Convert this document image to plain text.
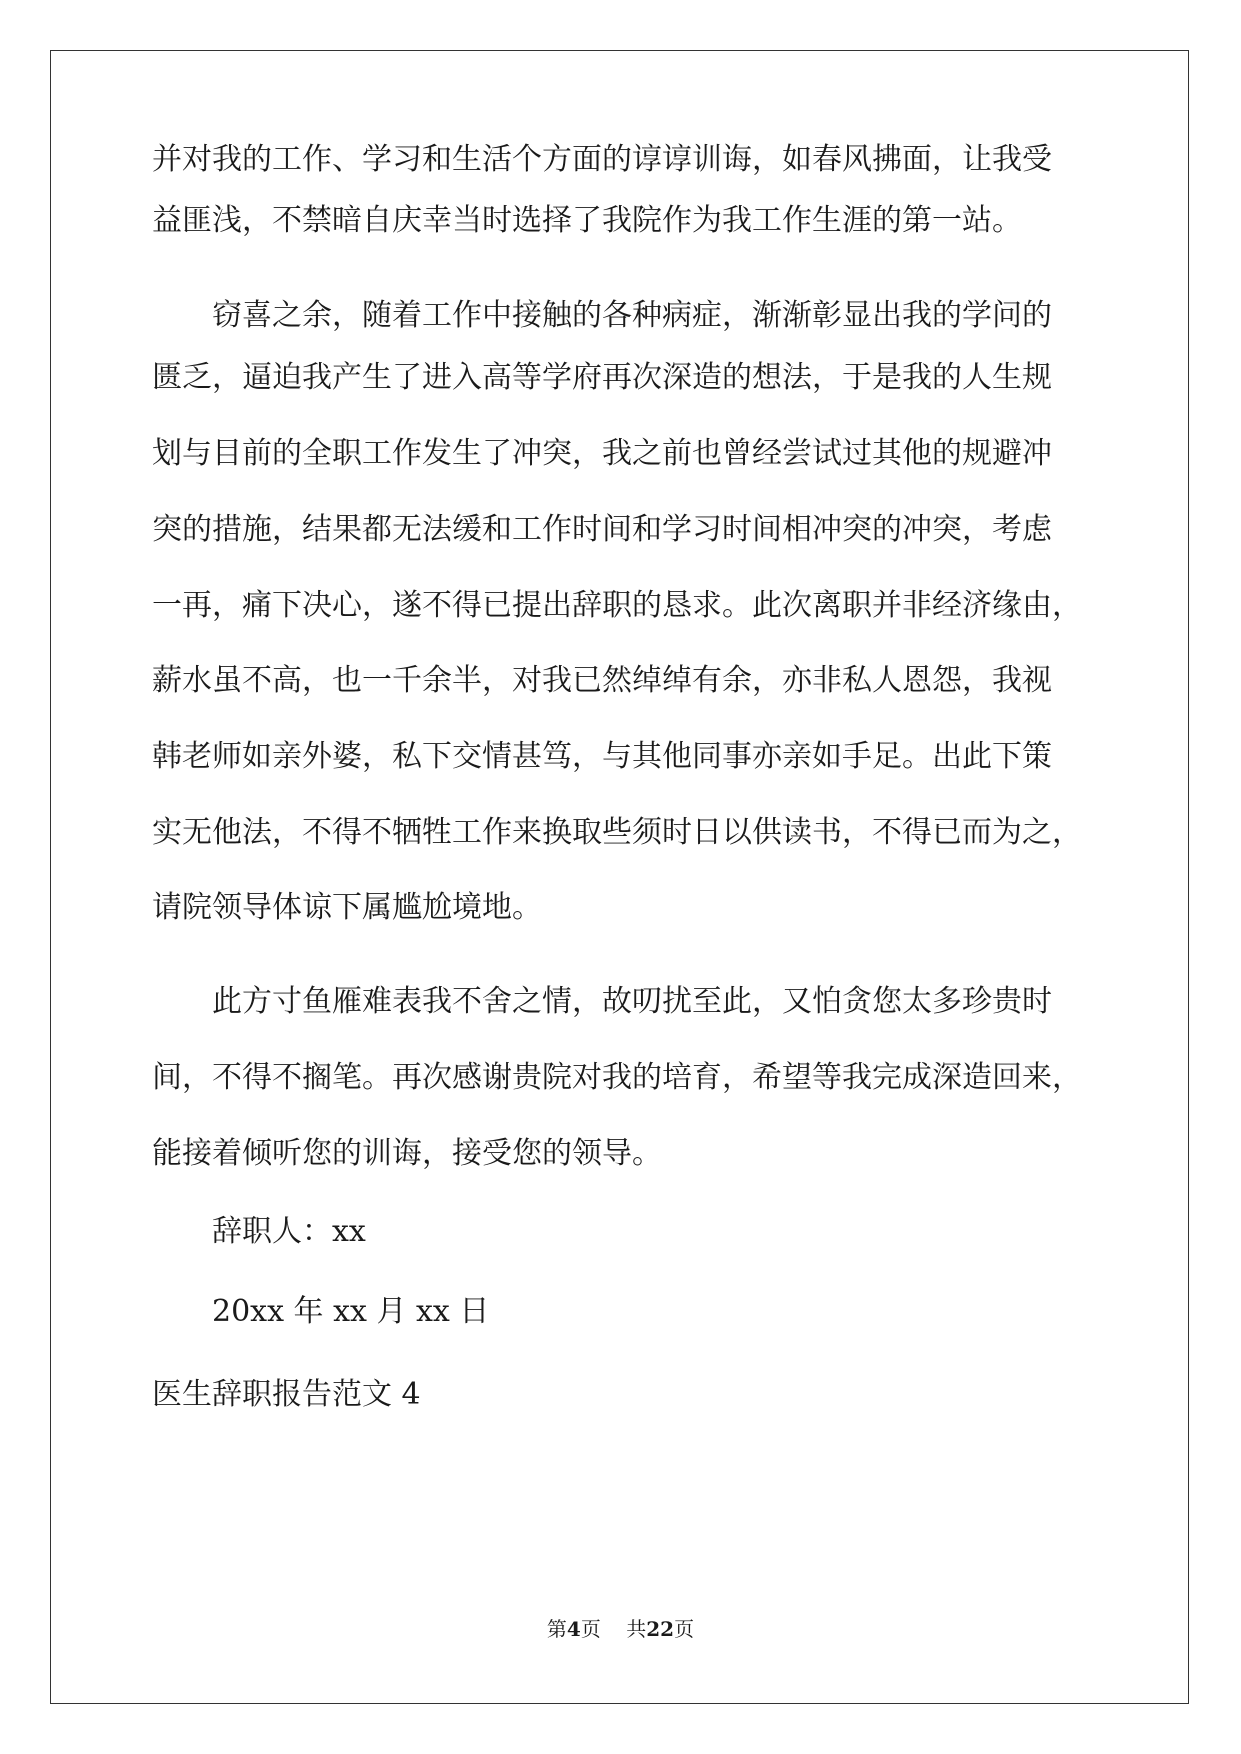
并对我的工作、学习和生活个方面的谆谆训诲，如春风拂面，让我受
益匪浅，不禁暗自庆幸当时选择了我院作为我工作生涯的第一站。
窃喜之余，随着工作中接触的各种病症，渐渐彰显出我的学问的
匮乏，逼迫我产生了进入高等学府再次深造的想法，于是我的人生规
划与目前的全职工作发生了冲突，我之前也曾经尝试过其他的规避冲
突的措施，结果都无法缓和工作时间和学习时间相冲突的冲突，考虑
一再，痛下决心，遂不得已提出辞职的恳求。此次离职并非经济缘由，
薪水虽不高，也一千余半，对我已然绰绰有余，亦非私人恩怨，我视
韩老师如亲外婆，私下交情甚笃，与其他同事亦亲如手足。出此下策
实无他法，不得不牺牲工作来换取些须时日以供读书，不得已而为之，
请院领导体谅下属尴尬境地。
此方寸鱼雁难表我不舍之情，故叨扰至此，又怕贪您太多珍贵时
间，不得不搁笔。再次感谢贵院对我的培育，希望等我完成深造回来，
能接着倾听您的训诲，接受您的领导。
辞职人：xx
20xx 年 xx 月 xx 日
医生辞职报告范文 4
第4页 共22页
